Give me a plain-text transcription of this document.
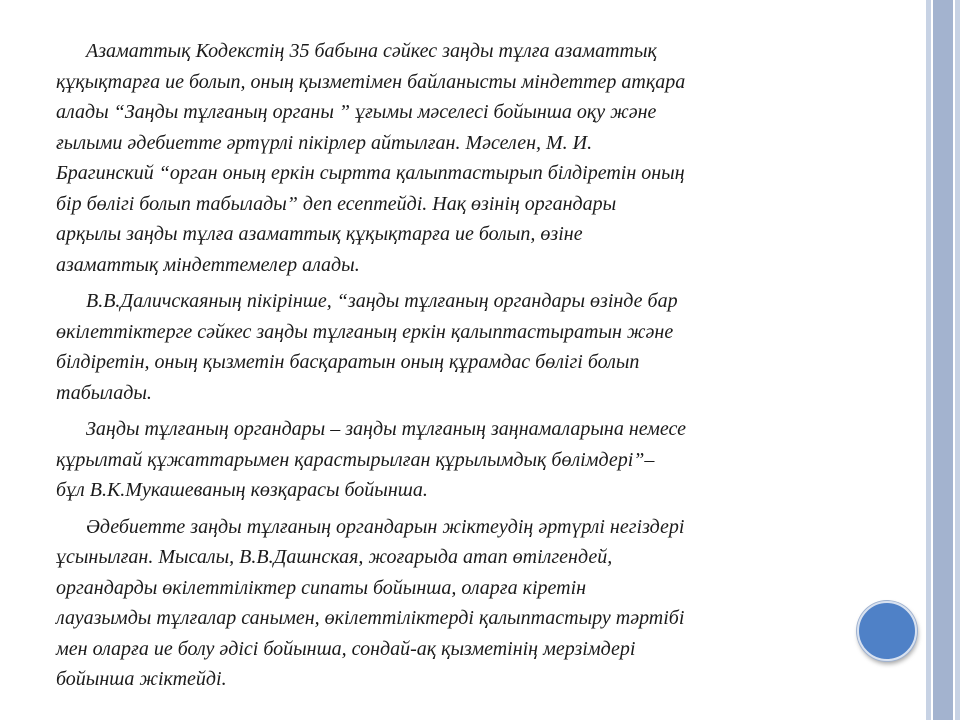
Азаматтық Кодекстің 35 бабына сәйкес заңды тұлға азаматтық
құқықтарға ие болып, оның қызметімен байланысты міндеттер атқара
алады “Заңды тұлғаның органы ” ұғымы мәселесі бойынша оқу және
ғылыми әдебиетте әртүрлі пікірлер айтылған. Мәселен, М. И.
Брагинский “орган оның еркін сыртта қалыптастырып білдіретін оның
бір бөлігі болып табылады” деп есептейді. Нақ өзінің органдары
арқылы заңды тұлға азаматтық құқықтарға ие болып, өзіне
азаматтық міндеттемелер алады.
В.В.Даличскаяның пікірінше, “заңды тұлғаның органдары өзінде бар
өкілеттіктерге сәйкес заңды тұлғаның еркін қалыптастыратын және
білдіретін, оның қызметін басқаратын оның құрамдас бөлігі болып
табылады.
Заңды тұлғаның органдары – заңды тұлғаның заңнамаларына немесе
құрылтай құжаттарымен қарастырылған құрылымдық бөлімдері”–
бұл В.К.Мукашеваның көзқарасы бойынша.
Әдебиетте заңды тұлғаның органдарын жіктеудің әртүрлі негіздері
ұсынылған. Мысалы, В.В.Дашнская, жоғарыда атап өтілгендей,
органдарды өкілеттіліктер сипаты бойынша, оларға кіретін
лауазымды тұлғалар санымен, өкілеттіліктерді қалыптастыру тәртібі
мен оларға ие болу әдісі бойынша, сондай-ақ қызметінің мерзімдері
бойынша жіктейді.
